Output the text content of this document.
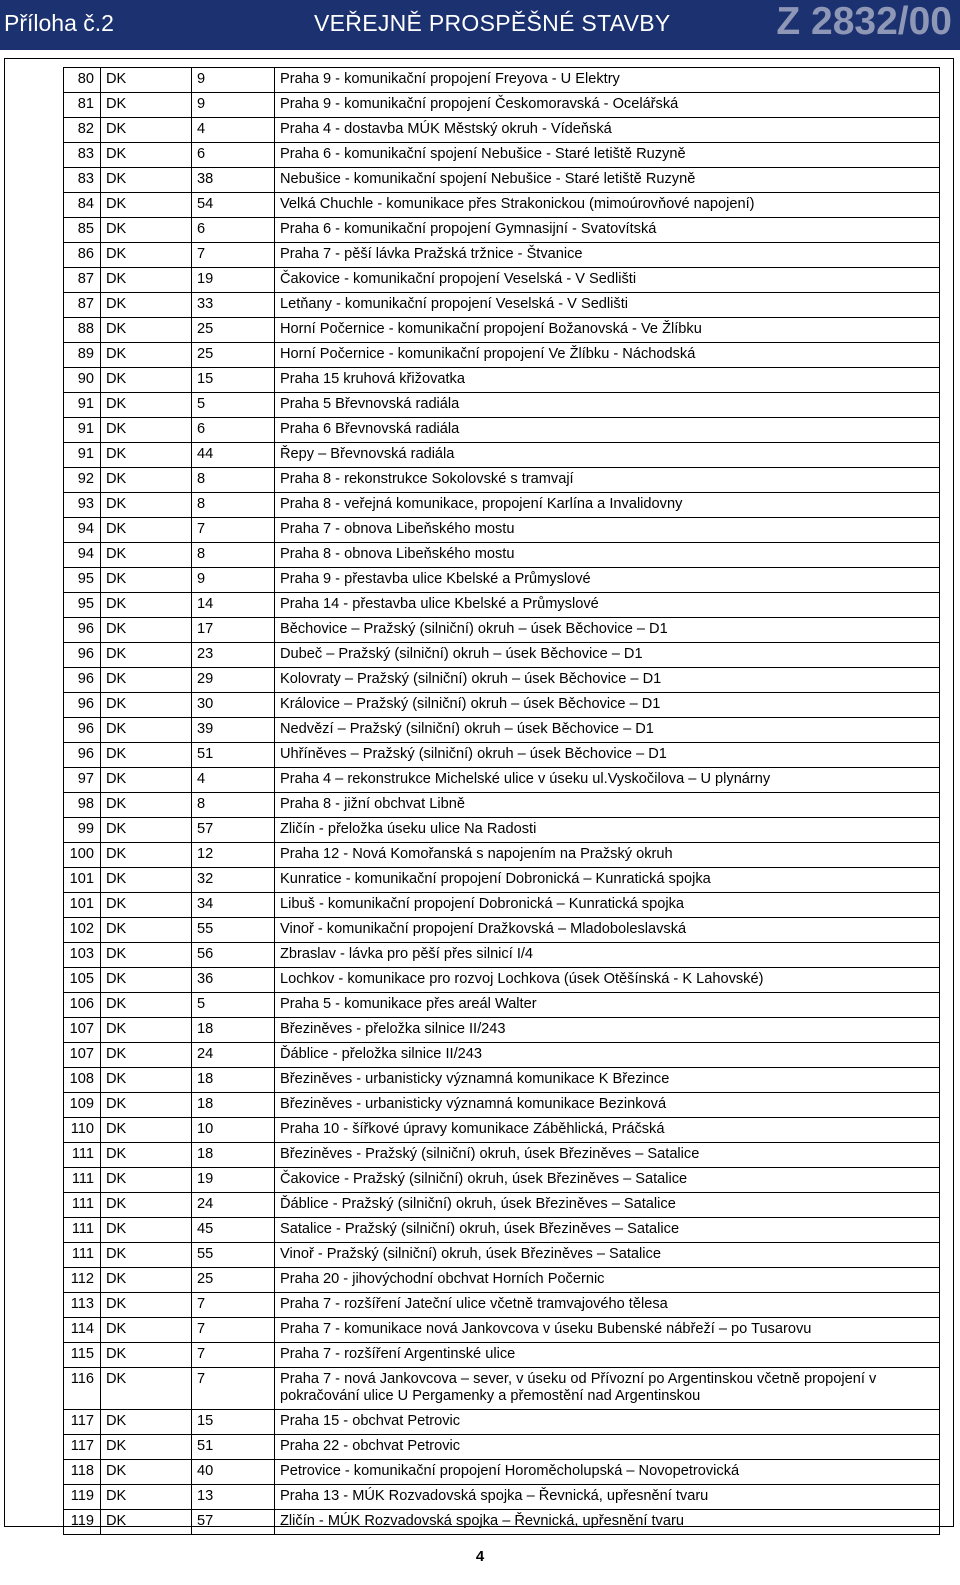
Příloha č.2	VEŘEJNĚ PROSPĚŠNÉ STAVBY	Z 2832/00
80	DK	9	Praha 9 - komunikační propojení Freyova - U Elektry
81	DK	9	Praha 9 - komunikační propojení Českomoravská - Ocelářská
82	DK	4	Praha 4 - dostavba MÚK Městský okruh - Vídeňská
83	DK	6	Praha 6 - komunikační spojení Nebušice - Staré letiště Ruzyně
83	DK	38	Nebušice - komunikační spojení Nebušice - Staré letiště Ruzyně
84	DK	54	Velká Chuchle - komunikace přes Strakonickou (mimoúrovňové napojení)
85	DK	6	Praha 6 - komunikační propojení Gymnasijní - Svatovítská
86	DK	7	Praha 7 - pěší lávka Pražská tržnice - Štvanice
87	DK	19	Čakovice - komunikační propojení Veselská - V Sedlišti
87	DK	33	Letňany - komunikační propojení Veselská - V Sedlišti
88	DK	25	Horní Počernice - komunikační propojení Božanovská - Ve Žlíbku
89	DK	25	Horní Počernice - komunikační propojení Ve Žlíbku - Náchodská
90	DK	15	Praha 15 kruhová křižovatka
91	DK	5	Praha 5 Břevnovská radiála
91	DK	6	Praha 6 Břevnovská radiála
91	DK	44	Řepy – Břevnovská radiála
92	DK	8	Praha 8 - rekonstrukce Sokolovské s tramvají
93	DK	8	Praha 8 - veřejná komunikace, propojení Karlína a Invalidovny
94	DK	7	Praha 7 - obnova Libeňského mostu
94	DK	8	Praha 8 - obnova Libeňského mostu
95	DK	9	Praha 9 - přestavba ulice Kbelské a Průmyslové
95	DK	14	Praha 14 - přestavba ulice Kbelské a Průmyslové
96	DK	17	Běchovice – Pražský (silniční) okruh – úsek Běchovice – D1
96	DK	23	Dubeč – Pražský (silniční) okruh – úsek Běchovice – D1
96	DK	29	Kolovraty – Pražský (silniční) okruh – úsek Běchovice – D1
96	DK	30	Královice – Pražský (silniční) okruh – úsek Běchovice – D1
96	DK	39	Nedvězí – Pražský (silniční) okruh – úsek Běchovice – D1
96	DK	51	Uhříněves – Pražský (silniční) okruh – úsek Běchovice – D1
97	DK	4	Praha 4 – rekonstrukce Michelské ulice v úseku ul.Vyskočilova – U plynárny
98	DK	8	Praha 8 - jižní obchvat Libně
99	DK	57	Zličín - přeložka úseku ulice Na Radosti
100	DK	12	Praha 12 - Nová Komořanská s napojením na Pražský okruh
101	DK	32	Kunratice - komunikační propojení Dobronická – Kunratická spojka
101	DK	34	Libuš - komunikační propojení Dobronická – Kunratická spojka
102	DK	55	Vinoř - komunikační propojení Dražkovská – Mladoboleslavská
103	DK	56	Zbraslav - lávka pro pěší přes silnicí I/4
105	DK	36	Lochkov - komunikace pro rozvoj Lochkova (úsek Otěšínská - K Lahovské)
106	DK	5	Praha 5 - komunikace přes areál Walter
107	DK	18	Březiněves - přeložka silnice II/243
107	DK	24	Ďáblice - přeložka silnice II/243
108	DK	18	Březiněves - urbanisticky významná komunikace K Březince
109	DK	18	Březiněves - urbanisticky významná komunikace Bezinková
110	DK	10	Praha 10 - šířkové úpravy komunikace Záběhlická, Práčská
111	DK	18	Březiněves - Pražský (silniční) okruh, úsek Březiněves – Satalice
111	DK	19	Čakovice - Pražský (silniční) okruh, úsek Březiněves – Satalice
111	DK	24	Ďáblice - Pražský (silniční) okruh, úsek Březiněves – Satalice
111	DK	45	Satalice - Pražský (silniční) okruh, úsek Březiněves – Satalice
111	DK	55	Vinoř - Pražský (silniční) okruh, úsek Březiněves – Satalice
112	DK	25	Praha 20 - jihovýchodní obchvat Horních Počernic
113	DK	7	Praha 7 - rozšíření Jateční ulice včetně tramvajového tělesa
114	DK	7	Praha 7 - komunikace nová Jankovcova v úseku Bubenské nábřeží – po Tusarovu
115	DK	7	Praha 7 - rozšíření Argentinské ulice
116	DK	7	Praha 7 - nová Jankovcova – sever, v úseku od Přívozní po Argentinskou včetně propojení v pokračování ulice U Pergamenky a přemostění nad Argentinskou
117	DK	15	Praha 15 - obchvat Petrovic
117	DK	51	Praha 22 - obchvat Petrovic
118	DK	40	Petrovice - komunikační propojení Horoměcholupská – Novopetrovická
119	DK	13	Praha 13 - MÚK Rozvadovská spojka – Řevnická, upřesnění tvaru
119	DK	57	Zličín - MÚK Rozvadovská spojka – Řevnická, upřesnění tvaru
4
